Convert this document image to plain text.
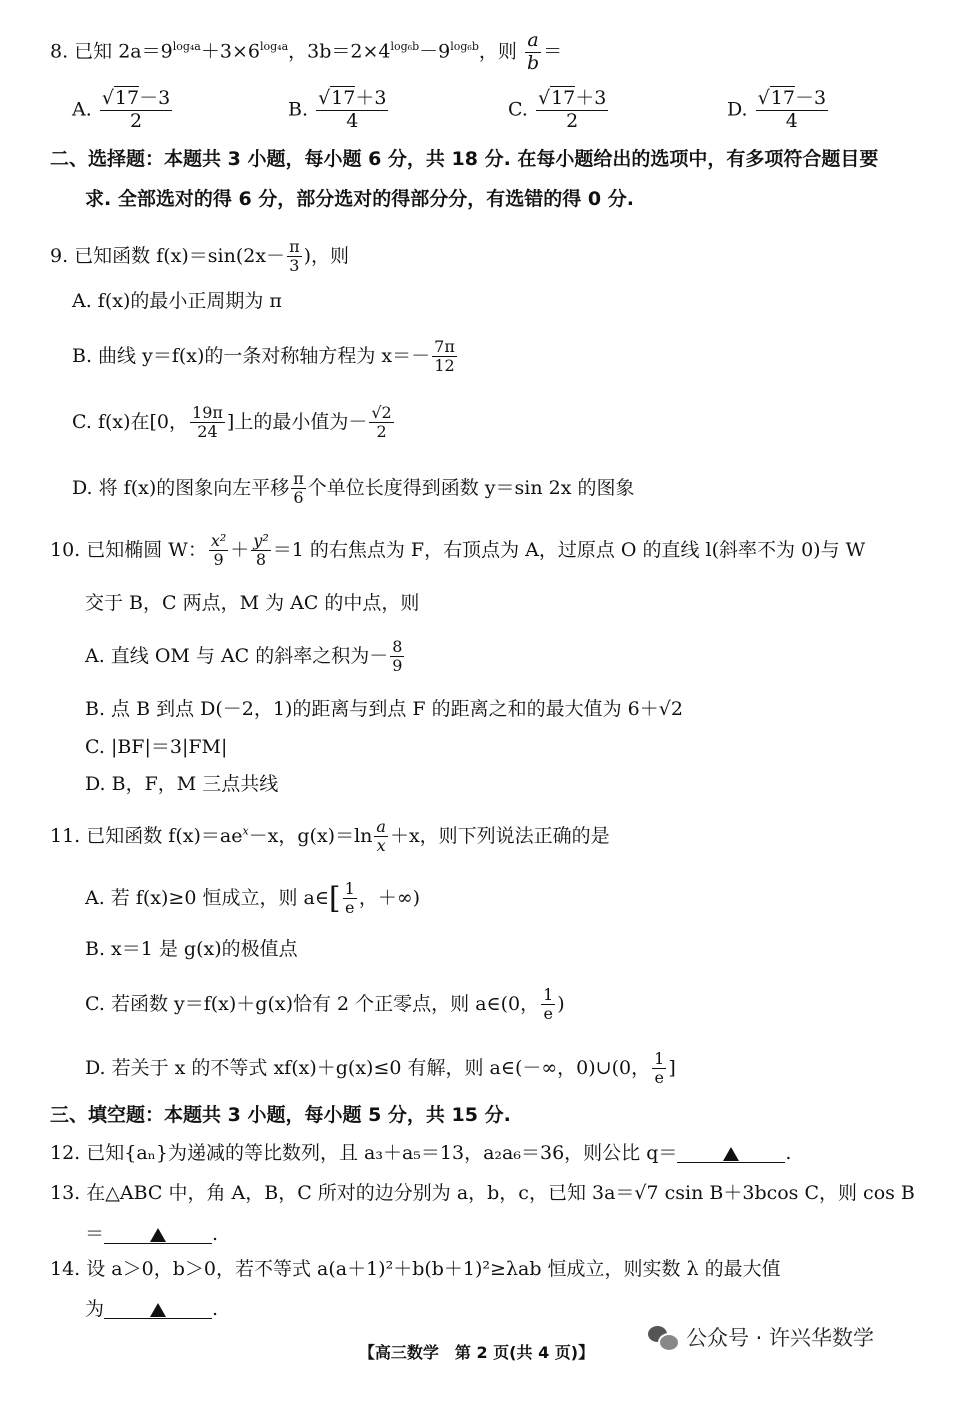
8. 已知 $2a=9^{log_4a}+3\times 6^{log_4a}$，$3b=2\times 4^{log_6b}-9^{log_6b}$，则 $\frac{a}{b}$ ＝
A. $\frac{√17-3}{2}$	B. $\frac{√17+3}{4}$	C. $\frac{√17+3}{2}$	D. $\frac{√17-3}{4}$
二、选择题：本题共 3 小题，每小题 6 分，共 18 分. 在每小题给出的选项中，有多项符合题目要
求. 全部选对的得 6 分，部分选对的得部分分，有选错的得 0 分.
9. 已知函数 $f(x)=\sin(2x- \frac{\pi}{3}$ )，则
A. f(x)的最小正周期为 π
B. 曲线 y＝f(x)的一条对称轴方程为 $x=- \frac{7\pi}{12}$
C. f(x)在[0， $\frac{19\pi}{24}$ ]上的最小值为－ $\frac{√2}{2}$
D. 将 f(x)的图象向左平移 $\frac{\pi}{6}$ 个单位长度得到函数 y＝sin 2x 的图象
10. 已知椭圆 W： $\frac{\text{x²}}{9} + \frac{\text{y²}}{8} =1$ 的右焦点为 F，右顶点为 A，过原点 O 的直线 l(斜率不为 0)与 W
交于 B，C 两点，M 为 AC 的中点，则
A. 直线 OM 与 AC 的斜率之积为－ $\frac{8}{9}$
B. 点 B 到点 D(－2，1)的距离与到点 F 的距离之和的最大值为 6＋√2
C. |BF|＝3|FM|
D. B，F，M 三点共线
11. 已知函数 $f(x)=ae^x-x$，$g(x)=\ln \frac{a}{x} +x$，则下列说法正确的是
A. 若 f(x)≥0 恒成立，则 a∈[ $\frac{1}{e}$ ，＋∞)
B. x＝1 是 g(x)的极值点
C. 若函数 y＝f(x)＋g(x)恰有 2 个正零点，则 a∈(0， $\frac{1}{e}$ )
D. 若关于 x 的不等式 xf(x)＋g(x)≤0 有解，则 a∈(－∞，0)∪(0， $\frac{1}{e}$ ]
三、填空题：本题共 3 小题，每小题 5 分，共 15 分.
12. 已知{aₙ}为递减的等比数列，且 a₃＋a₅＝13，a₂a₆＝36，则公比 q＝	.
13. 在△ABC 中，角 A，B，C 所对的边分别为 a，b，c，已知 3a＝√7 csin B＋3bcos C，则 cos B
＝	.
14. 设 a＞0，b＞0，若不等式 a(a＋1)²＋b(b＋1)²≥λab 恒成立，则实数 λ 的最大值
为	.
【高三数学　第 2 页(共 4 页)】
公众号 · 许兴华数学
